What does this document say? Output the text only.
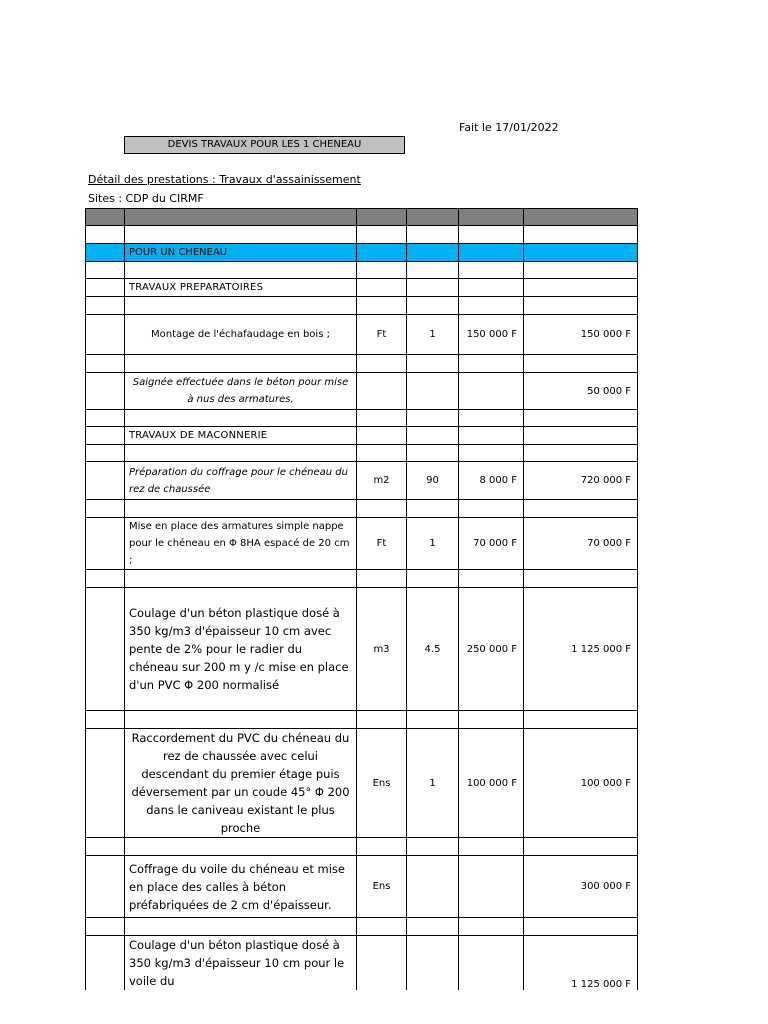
Fait le 17/01/2022
DEVIS TRAVAUX POUR LES 1 CHENEAU
Détail des prestations : Travaux d'assainissement
Sites : CDP du CIRMF

	POUR UN CHENEAU				

	TRAVAUX PREPARATOIRES				

	Montage de l'échafaudage en bois ;	Ft	1	150 000 F	150 000 F

	Saignée effectuée dans le béton pour mise à nus des armatures,				50 000 F

	TRAVAUX DE MACONNERIE				

	Préparation du coffrage pour le chéneau du rez de chaussée	m2	90	8 000 F	720 000 F

	Mise en place des armatures simple nappe pour le chéneau en Φ 8HA espacé de 20 cm ;	Ft	1	70 000 F	70 000 F

	Coulage d'un béton plastique dosé à 350 kg/m3 d'épaisseur 10 cm avec pente de 2% pour le radier du chéneau sur 200 m y /c mise en place d'un PVC Φ 200 normalisé	m3	4.5	250 000 F	1 125 000 F

	Raccordement du PVC du chéneau du rez de chaussée avec celui descendant du premier étage puis déversement par un coude 45° Φ 200 dans le caniveau existant le plus proche	Ens	1	100 000 F	100 000 F

	Coffrage du voile du chéneau et mise en place des calles à béton préfabriquées de 2 cm d'épaisseur.	Ens			300 000 F

	Coulage d'un béton plastique dosé à 350 kg/m3 d'épaisseur 10 cm pour le voile du				1 125 000 F
